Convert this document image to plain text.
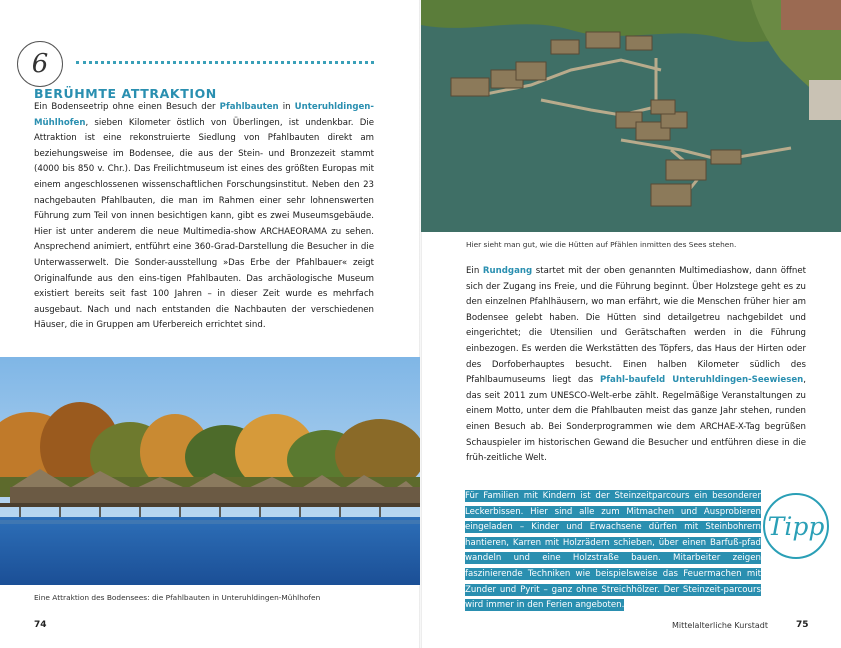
6
BERÜHMTE ATTRAKTION

Ein Bodenseetrip ohne einen Besuch der Pfahlbauten in Unteruhldingen-Mühlhofen, sieben Kilometer östlich von Überlingen, ist undenkbar. Die Attraktion ist eine rekonstruierte Siedlung von Pfahlbauten direkt am beziehungsweise im Bodensee, die aus der Stein- und Bronzezeit stammt (4000 bis 850 v. Chr.). Das Freilichtmuseum ist eines des größten Europas mit einem angeschlossenen wissenschaftlichen Forschungsinstitut. Neben den 23 nachgebauten Pfahlbauten, die man im Rahmen einer sehr lohnenswerten Führung zum Teil von innen besichtigen kann, gibt es zwei Museumsgebäude. Hier ist unter anderem die neue Multimedia-show ARCHAEORAMA zu sehen. Ansprechend animiert, entführt eine 360-Grad-Darstellung die Besucher in die Unterwasserwelt. Die Sonder-ausstellung »Das Erbe der Pfahlbauer« zeigt Originalfunde aus den eins-tigen Pfahlbauten. Das archäologische Museum existiert bereits seit fast 100 Jahren – in dieser Zeit wurde es mehrfach ausgebaut. Nach und nach entstanden die Nachbauten der verschiedenen Häuser, die in Gruppen am Uferbereich errichtet sind.

Eine Attraktion des Bodensees: die Pfahlbauten in Unteruhldingen-Mühlhofen

74

Hier sieht man gut, wie die Hütten auf Pfählen inmitten des Sees stehen.

Ein Rundgang startet mit der oben genannten Multimediashow, dann öffnet sich der Zugang ins Freie, und die Führung beginnt. Über Holzstege geht es zu den einzelnen Pfahlhäusern, wo man erfährt, wie die Menschen früher hier am Bodensee gelebt haben. Die Hütten sind detailgetreu nachgebildet und eingerichtet; die Utensilien und Gerätschaften werden in die Führung einbezogen. Es werden die Werkstätten des Töpfers, das Haus der Hirten oder des Dorfoberhauptes besucht. Einen halben Kilometer südlich des Pfahlbaumuseums liegt das Pfahl-baufeld Unteruhldingen-Seewiesen, das seit 2011 zum UNESCO-Welt-erbe zählt. Regelmäßige Veranstaltungen zu einem Motto, unter dem die Pfahlbauten meist das ganze Jahr stehen, runden einen Besuch ab. Bei Sonderprogrammen wie dem ARCHAE-X-Tag begrüßen Schauspieler im historischen Gewand die Besucher und entführen diese in die früh-zeitliche Welt.

Für Familien mit Kindern ist der Steinzeitparcours ein besonderer Leckerbissen. Hier sind alle zum Mitmachen und Ausprobieren eingeladen – Kinder und Erwachsene dürfen mit Steinbohrern hantieren, Karren mit Holzrädern schieben, über einen Barfuß-pfad wandeln und eine Holzstraße bauen. Mitarbeiter zeigen faszinierende Techniken wie beispielsweise das Feuermachen mit Zunder und Pyrit – ganz ohne Streichhölzer. Der Steinzeit-parcours wird immer in den Ferien angeboten.

Tipp
Mittelalterliche Kurstadt	75
